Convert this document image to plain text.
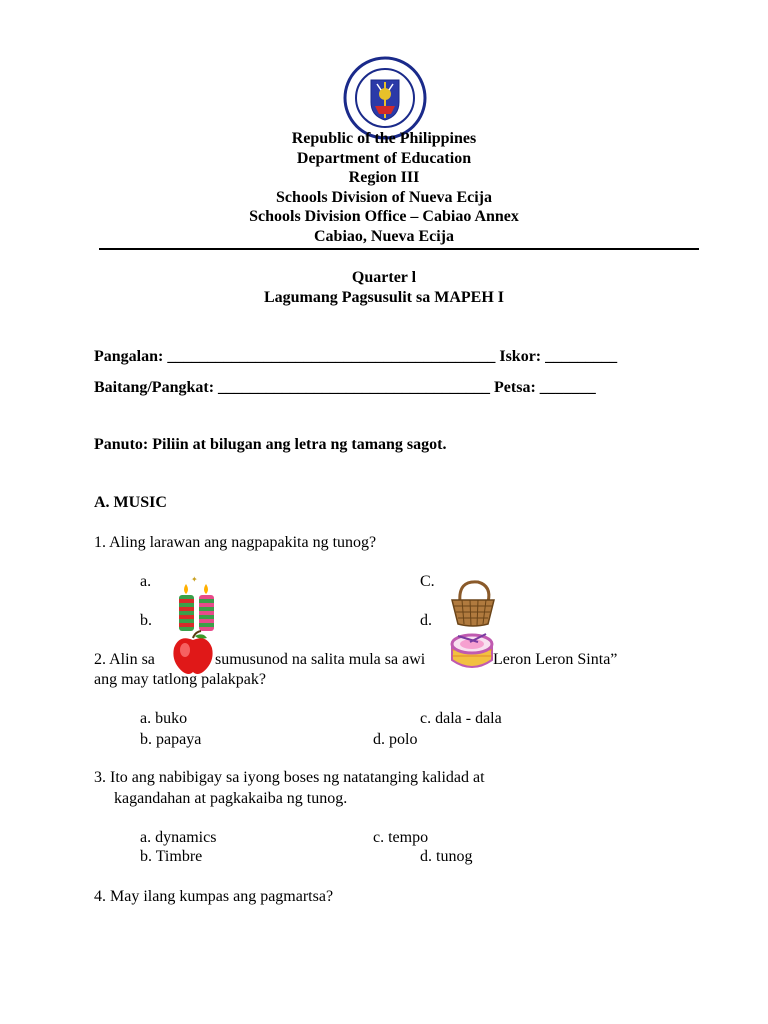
Republic of the Philippines
Department of Education
Region III
Schools Division of Nueva Ecija
Schools Division Office – Cabiao Annex
Cabiao, Nueva Ecija
Quarter l
Lagumang Pagsusulit sa MAPEH I
Pangalan: _________________________________________ Iskor: _________
Baitang/Pangkat: __________________________________ Petsa: _______
Panuto: Piliin at bilugan ang letra ng tamang sagot.
A. MUSIC
1. Aling larawan ang nagpapakita ng tunog?
a.	C.
b.	d.
2. Alin sa	sumusunod na salita mula sa awi	Leron Leron Sinta”
ang may tatlong palakpak?
a. buko	c. dala - dala
b. papaya	d. polo
3. Ito ang nabibigay sa iyong boses ng natatanging kalidad at
kagandahan at pagkakaiba ng tunog.
a. dynamics	c. tempo
b. Timbre	d. tunog
4. May ilang kumpas ang pagmartsa?
✦
